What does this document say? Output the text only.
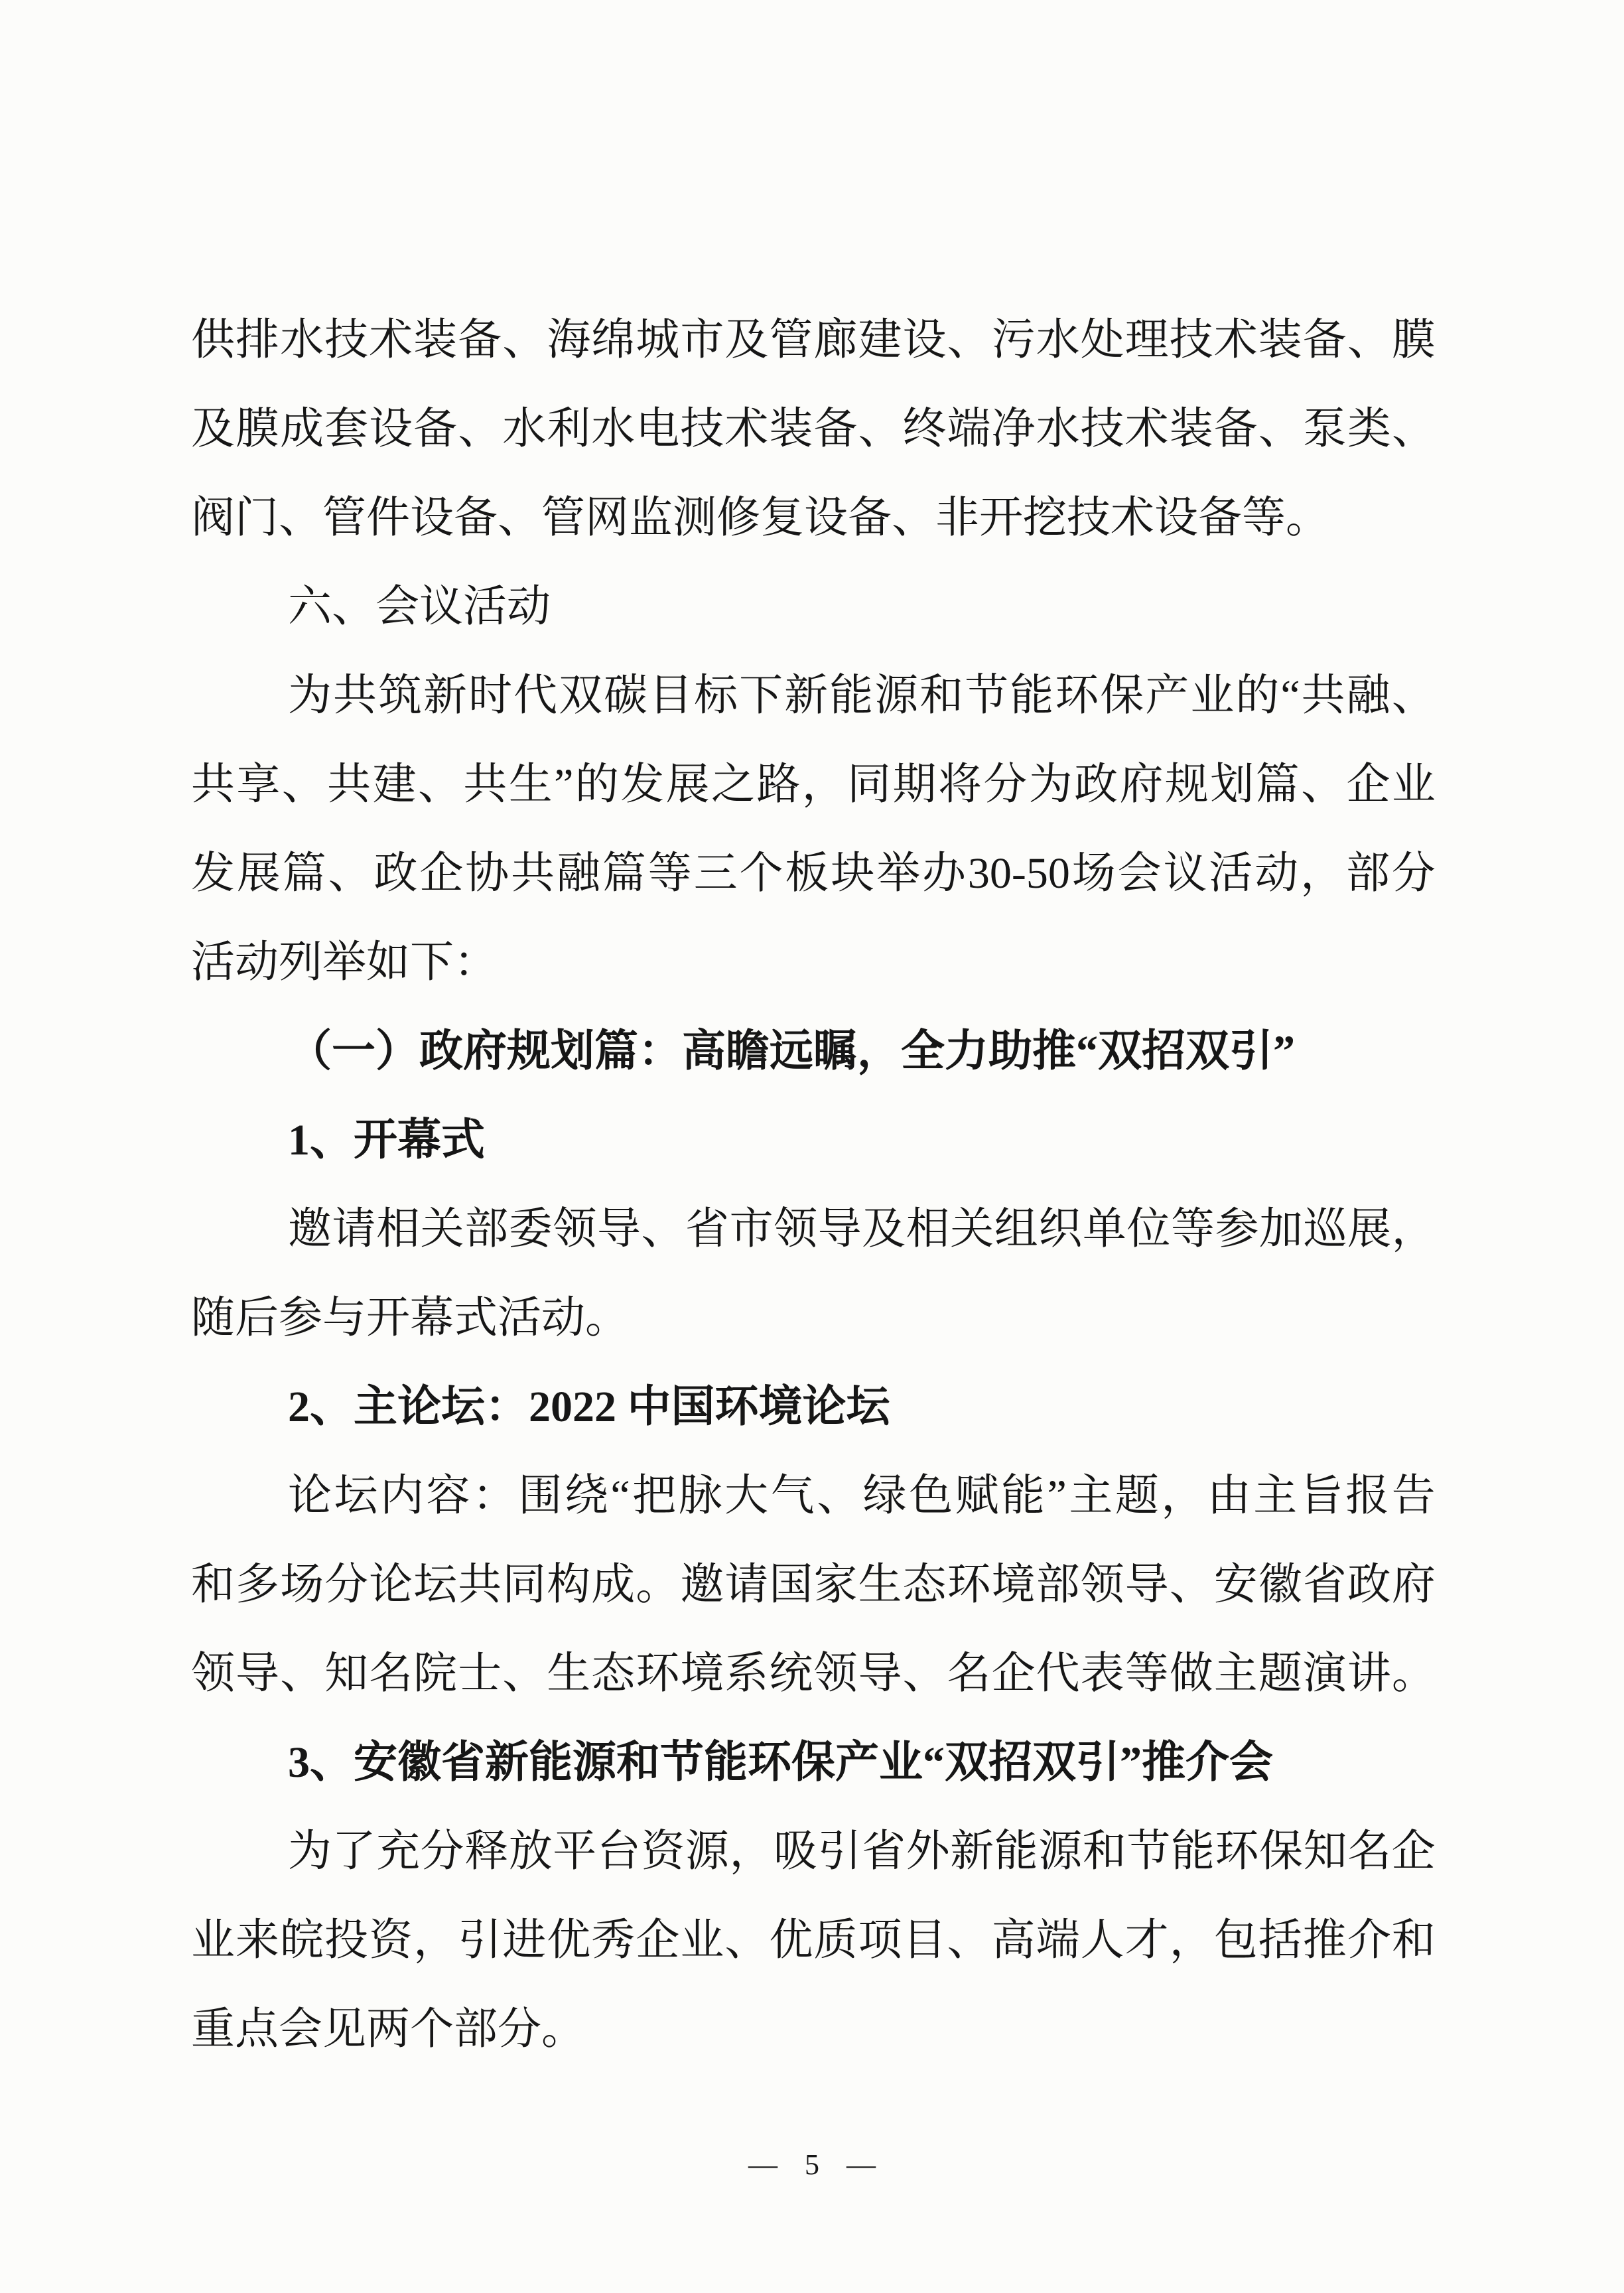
供 排 水 技 术 装 备 、 海 绵 城 市 及 管 廊 建 设 、 污 水 处 理 技 术 装 备 、 膜
及 膜 成 套 设 备 、 水 利 水 电 技 术 装 备 、 终 端 净 水 技 术 装 备 、 泵 类 、
阀门、管件设备、管网监测修复设备、非开挖技术设备等。
六、会议活动
为 共 筑 新 时 代 双 碳 目 标 下 新 能 源 和 节 能 环 保 产 业 的 “ 共 融 、
共 享 、 共 建 、 共 生 ” 的 发 展 之 路 ， 同 期 将 分 为 政 府 规 划 篇 、 企 业
发 展 篇 、 政 企 协 共 融 篇 等 三 个 板 块 举 办 30-50 场 会 议 活 动 ， 部 分
活动列举如下：
（一）政府规划篇：高瞻远瞩，全力助推“双招双引”
1、开幕式
邀 请 相 关 部 委 领 导 、 省 市 领 导 及 相 关 组 织 单 位 等 参 加 巡 展 ，
随后参与开幕式活动。
2、主论坛：2022 中国环境论坛
论 坛 内 容 ： 围 绕 “ 把 脉 大 气 、 绿 色 赋 能 ” 主 题 ， 由 主 旨 报 告
和 多 场 分 论 坛 共 同 构 成 。 邀 请 国 家 生 态 环 境 部 领 导 、 安 徽 省 政 府
领 导 、 知 名 院 士 、 生 态 环 境 系 统 领 导 、 名 企 代 表 等 做 主 题 演 讲 。
3、安徽省新能源和节能环保产业“双招双引”推介会
为 了 充 分 释 放 平 台 资 源 ， 吸 引 省 外 新 能 源 和 节 能 环 保 知 名 企
业 来 皖 投 资 ， 引 进 优 秀 企 业 、 优 质 项 目 、 高 端 人 才 ， 包 括 推 介 和
重点会见两个部分。
— 5 —
